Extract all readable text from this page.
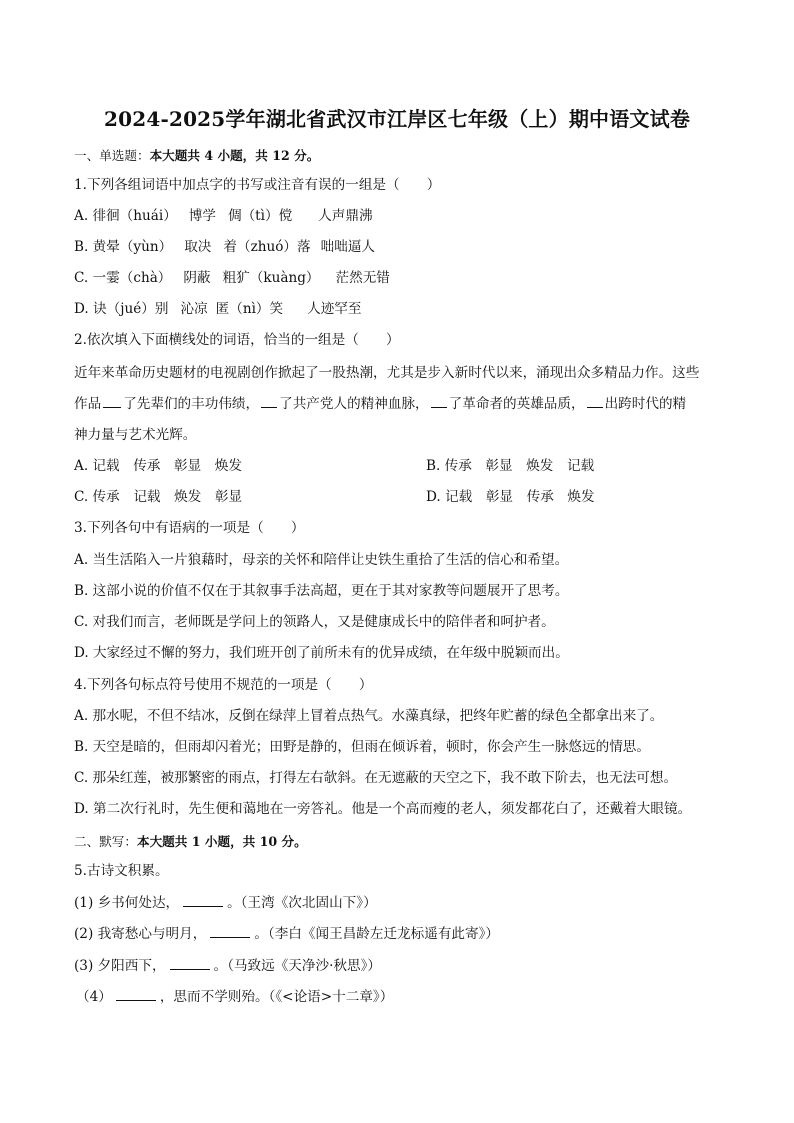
2024-2025学年湖北省武汉市江岸区七年级（上）期中语文试卷
一、单选题：本大题共 4 小题，共 12 分。
1.下列各组词语中加点字的书写或注音有误的一组是（　　）
A. 徘徊（huái） 博学 倜（tì）傥 人声鼎沸
B. 黄晕（yùn） 取决 着（zhuó）落 咄咄逼人
C. 一霎（chà） 阴蔽 粗犷（kuàng） 茫然无错
D. 诀（jué）别 沁凉 匿（nì）笑 人迹罕至
2.依次填入下面横线处的词语，恰当的一组是（　　）
近年来革命历史题材的电视剧创作掀起了一股热潮，尤其是步入新时代以来，涌现出众多精品力作。这些
作品 了先辈们的丰功伟绩， 了共产党人的精神血脉， 了革命者的英雄品质， 出跨时代的精
神力量与艺术光辉。
A. 记载　传承　彰显　焕发	B. 传承　彰显　焕发　记载
C. 传承　记载　焕发　彰显	D. 记载　彰显　传承　焕发
3.下列各句中有语病的一项是（　　）
A. 当生活陷入一片狼藉时，母亲的关怀和陪伴让史铁生重拾了生活的信心和希望。
B. 这部小说的价值不仅在于其叙事手法高超，更在于其对家教等问题展开了思考。
C. 对我们而言，老师既是学问上的领路人，又是健康成长中的陪伴者和呵护者。
D. 大家经过不懈的努力，我们班开创了前所未有的优异成绩，在年级中脱颖而出。
4.下列各句标点符号使用不规范的一项是（　　）
A. 那水呢，不但不结冰，反倒在绿萍上冒着点热气。水藻真绿，把终年贮蓄的绿色全都拿出来了。
B. 天空是暗的，但雨却闪着光；田野是静的，但雨在倾诉着，顿时，你会产生一脉悠远的情思。
C. 那朵红莲，被那繁密的雨点，打得左右欹斜。在无遮蔽的天空之下，我不敢下阶去，也无法可想。
D. 第二次行礼时，先生便和蔼地在一旁答礼。他是一个高而瘦的老人，须发都花白了，还戴着大眼镜。
二、默写：本大题共 1 小题，共 10 分。
5.古诗文积累。
(1) 乡书何处达，	。（王湾《次北固山下》）
(2) 我寄愁心与明月，	。（李白《闻王昌龄左迁龙标遥有此寄》）
(3) 夕阳西下，	。（马致远《天净沙·秋思》）
（4）	，思而不学则殆。（《<论语>十二章》）
